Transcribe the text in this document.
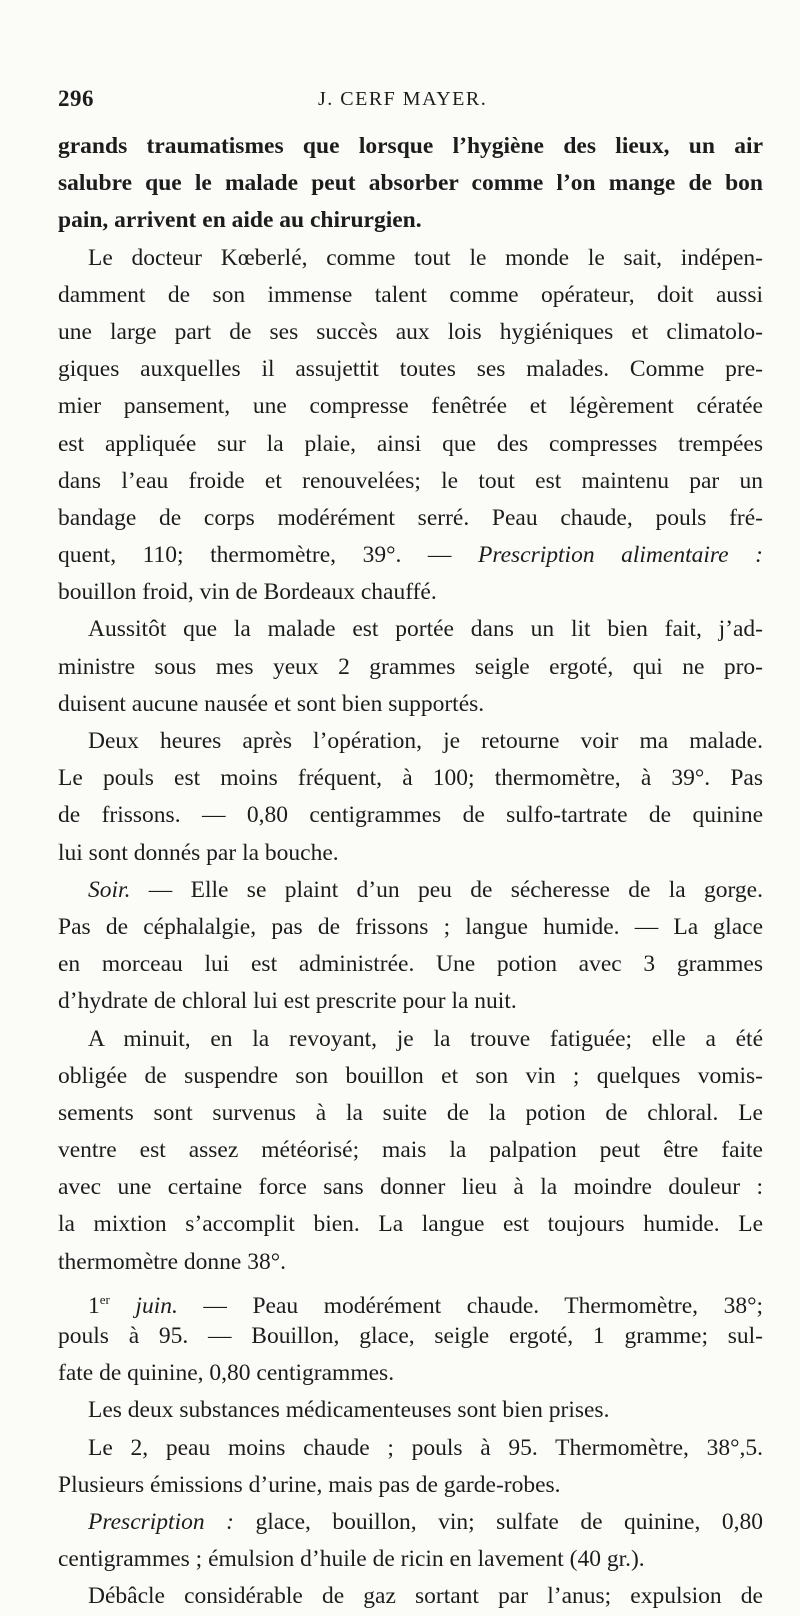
296	J. CERF MAYER.
grands traumatismes que lorsque l’hygiène des lieux, un air
salubre que le malade peut absorber comme l’on mange de bon
pain, arrivent en aide au chirurgien.
Le docteur Kœberlé, comme tout le monde le sait, indépen-
damment de son immense talent comme opérateur, doit aussi
une large part de ses succès aux lois hygiéniques et climatolo-
giques auxquelles il assujettit toutes ses malades. Comme pre-
mier pansement, une compresse fenêtrée et légèrement cératée
est appliquée sur la plaie, ainsi que des compresses trempées
dans l’eau froide et renouvelées; le tout est maintenu par un
bandage de corps modérément serré. Peau chaude, pouls fré-
quent, 110; thermomètre, 39°. — Prescription alimentaire :
bouillon froid, vin de Bordeaux chauffé.
Aussitôt que la malade est portée dans un lit bien fait, j’ad-
ministre sous mes yeux 2 grammes seigle ergoté, qui ne pro-
duisent aucune nausée et sont bien supportés.
Deux heures après l’opération, je retourne voir ma malade.
Le pouls est moins fréquent, à 100; thermomètre, à 39°. Pas
de frissons. — 0,80 centigrammes de sulfo-tartrate de quinine
lui sont donnés par la bouche.
Soir. — Elle se plaint d’un peu de sécheresse de la gorge.
Pas de céphalalgie, pas de frissons ; langue humide. — La glace
en morceau lui est administrée. Une potion avec 3 grammes
d’hydrate de chloral lui est prescrite pour la nuit.
A minuit, en la revoyant, je la trouve fatiguée; elle a été
obligée de suspendre son bouillon et son vin ; quelques vomis-
sements sont survenus à la suite de la potion de chloral. Le
ventre est assez météorisé; mais la palpation peut être faite
avec une certaine force sans donner lieu à la moindre douleur :
la mixtion s’accomplit bien. La langue est toujours humide. Le
thermomètre donne 38°.
1er juin. — Peau modérément chaude. Thermomètre, 38°;
pouls à 95. — Bouillon, glace, seigle ergoté, 1 gramme; sul-
fate de quinine, 0,80 centigrammes.
Les deux substances médicamenteuses sont bien prises.
Le 2, peau moins chaude ; pouls à 95. Thermomètre, 38°,5.
Plusieurs émissions d’urine, mais pas de garde-robes.
Prescription : glace, bouillon, vin; sulfate de quinine, 0,80
centigrammes ; émulsion d’huile de ricin en lavement (40 gr.).
Débâcle considérable de gaz sortant par l’anus; expulsion de
